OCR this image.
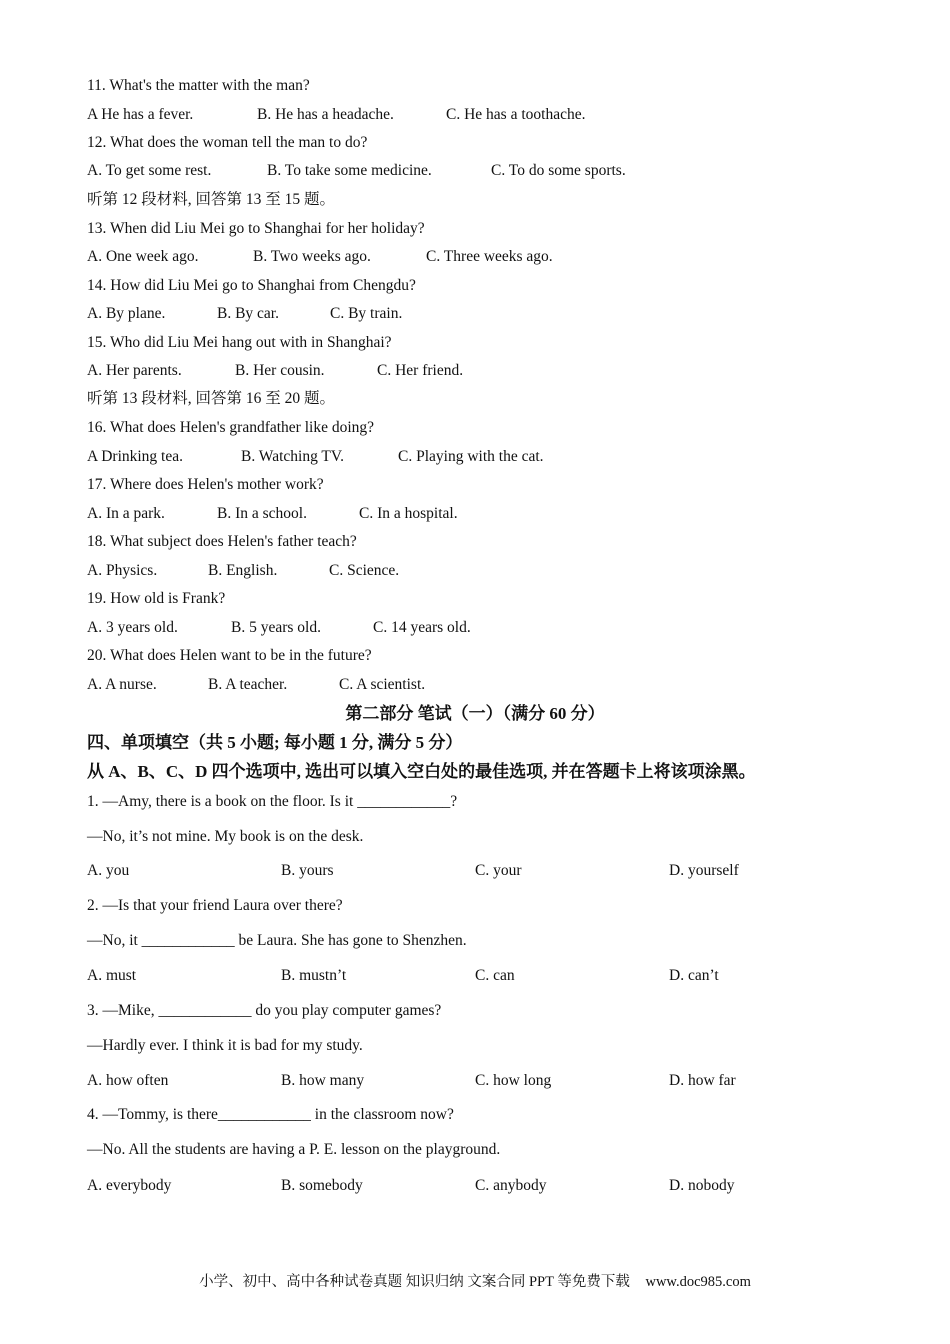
11. What's the matter with the man?
A He has a fever.	B. He has a headache.	C. He has a toothache.
12. What does the woman tell the man to do?
A. To get some rest.	B. To take some medicine.	C. To do some sports.
听第 12 段材料, 回答第 13 至 15 题。
13. When did Liu Mei go to Shanghai for her holiday?
A. One week ago.	B. Two weeks ago.	C. Three weeks ago.
14. How did Liu Mei go to Shanghai from Chengdu?
A. By plane.	B. By car.	C. By train.
15. Who did Liu Mei hang out with in Shanghai?
A. Her parents.	B. Her cousin.	C. Her friend.
听第 13 段材料, 回答第 16 至 20 题。
16. What does Helen's grandfather like doing?
A Drinking tea.	B. Watching TV.	C. Playing with the cat.
17. Where does Helen's mother work?
A. In a park.	B. In a school.	C. In a hospital.
18. What subject does Helen's father teach?
A. Physics.	B. English.	C. Science.
19. How old is Frank?
A. 3 years old.	B. 5 years old.	C. 14 years old.
20. What does Helen want to be in the future?
A. A nurse.	B. A teacher.	C. A scientist.
第二部分 笔试（一）（满分 60 分）
四、单项填空（共 5 小题; 每小题 1 分, 满分 5 分）
从 A、B、C、D 四个选项中, 选出可以填入空白处的最佳选项, 并在答题卡上将该项涂黑。
1. —Amy, there is a book on the floor. Is it ____________?
—No, it’s not mine. My book is on the desk.
A. you	B. yours	C. your	D. yourself
2. —Is that your friend Laura over there?
—No, it ____________ be Laura. She has gone to Shenzhen.
A. must	B. mustn’t	C. can	D. can’t
3. —Mike, ____________ do you play computer games?
—Hardly ever. I think it is bad for my study.
A. how often	B. how many	C. how long	D. how far
4. —Tommy, is there____________ in the classroom now?
—No. All the students are having a P. E. lesson on the playground.
A. everybody	B. somebody	C. anybody	D. nobody
小学、初中、高中各种试卷真题 知识归纳 文案合同 PPT 等免费下载 www.doc985.com
